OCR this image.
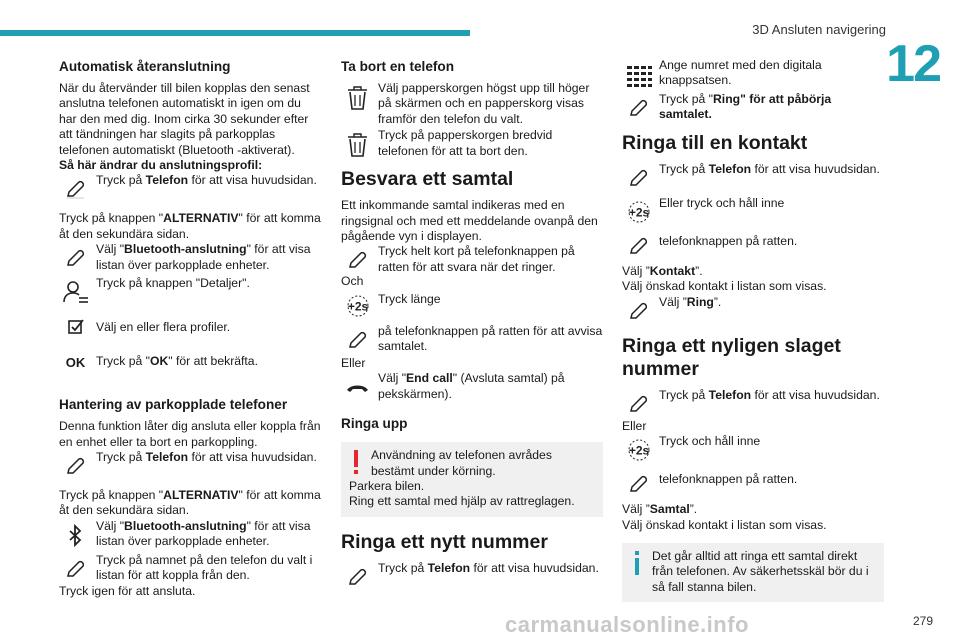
3D Ansluten navigering
12
Automatisk återanslutning

När du återvänder till bilen kopplas den senast anslutna telefonen automatiskt in igen om du har den med dig. Inom cirka 30 sekunder efter att tändningen har slagits på parkopplas telefonen automatiskt (Bluetooth -aktiverat).

Så här ändrar du anslutningsprofil:

Tryck på Telefon för att visa huvudsidan.

Tryck på knappen "ALTERNATIV" för att komma åt den sekundära sidan.

Välj "Bluetooth-anslutning" för att visa listan över parkopplade enheter.
Tryck på knappen "Detaljer".
Välj en eller flera profiler.
OK Tryck på "OK" för att bekräfta.
Hantering av parkopplade telefoner

Denna funktion låter dig ansluta eller koppla från en enhet eller ta bort en parkoppling.

Tryck på Telefon för att visa huvudsidan.

Tryck på knappen "ALTERNATIV" för att komma åt den sekundära sidan.

Välj "Bluetooth-anslutning" för att visa listan över parkopplade enheter.
Tryck på namnet på den telefon du valt i listan för att koppla från den.

Tryck igen för att ansluta.

Ta bort en telefon
Välj papperskorgen högst upp till höger på skärmen och en papperskorg visas framför den telefon du valt.
Tryck på papperskorgen bredvid telefonen för att ta bort den.
Besvara ett samtal

Ett inkommande samtal indikeras med en ringsignal och med ett meddelande ovanpå den pågående vyn i displayen.

Tryck helt kort på telefonknappen på ratten för att svara när det ringer.

Och

+2s
Tryck länge
på telefonknappen på ratten för att avvisa samtalet.

Eller

Välj "End call" (Avsluta samtal) på pekskärmen).
Ringa upp

Användning av telefonen avrådes bestämt under körning.

Parkera bilen.

Ring ett samtal med hjälp av rattreglagen.

Ringa ett nytt nummer
Tryck på Telefon för att visa huvudsidan.
Ange numret med den digitala knappsatsen.
Tryck på "Ring" för att påbörja samtalet.
Ringa till en kontakt
Tryck på Telefon för att visa huvudsidan.
+2s
Eller tryck och håll inne
telefonknappen på ratten.

Välj ”Kontakt”.

Välj önskad kontakt i listan som visas.

Välj ”Ring”.
Ringa ett nyligen slaget nummer
Tryck på Telefon för att visa huvudsidan.

Eller

+2s
Tryck och håll inne
telefonknappen på ratten.

Välj ”Samtal”.

Välj önskad kontakt i listan som visas.

Det går alltid att ringa ett samtal direkt från telefonen. Av säkerhetsskäl bör du i så fall stanna bilen.

carmanualsonline.info	279
